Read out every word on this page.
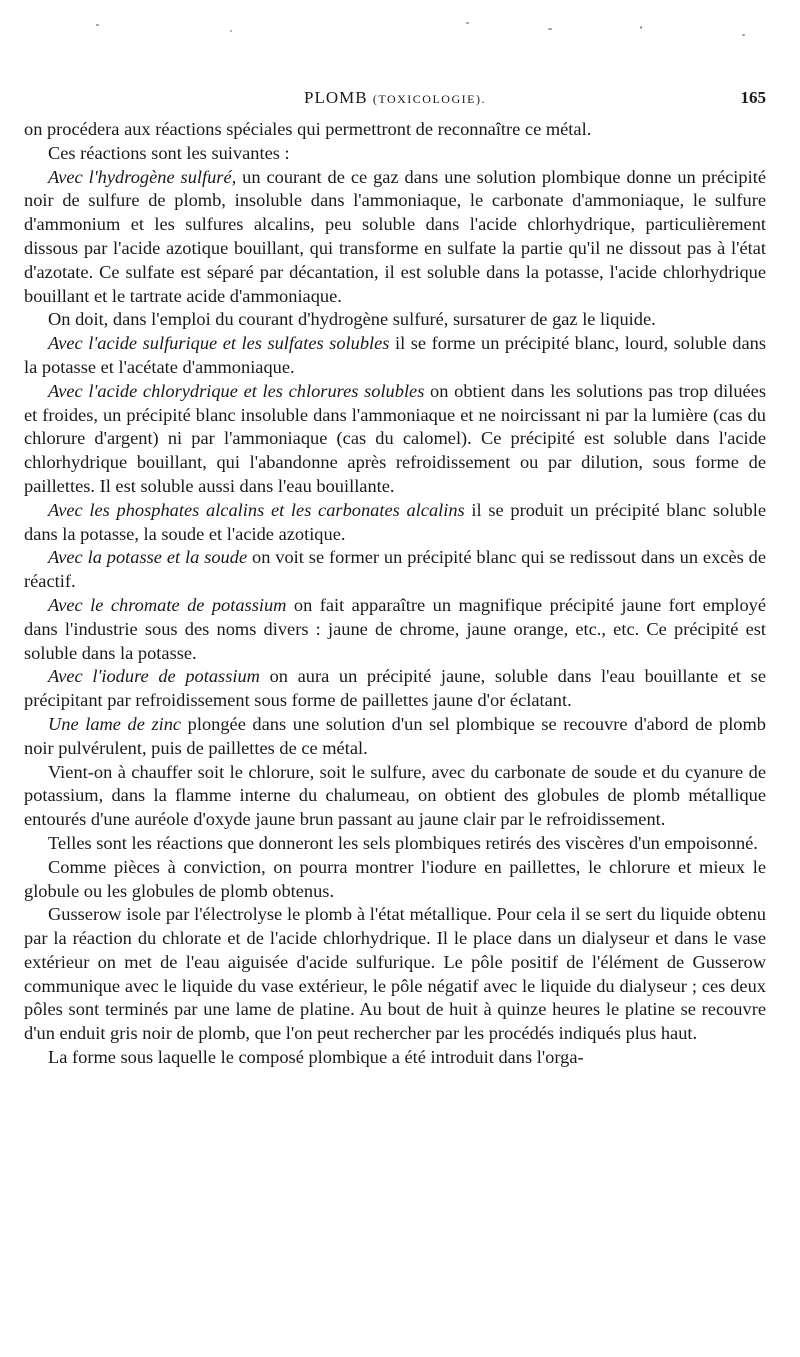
PLOMB (TOXICOLOGIE).	165

on procédera aux réactions spéciales qui permettront de reconnaître ce métal.

Ces réactions sont les suivantes :

Avec l'hydrogène sulfuré, un courant de ce gaz dans une solution plombique donne un précipité noir de sulfure de plomb, insoluble dans l'ammoniaque, le carbonate d'ammoniaque, le sulfure d'ammonium et les sulfures alcalins, peu soluble dans l'acide chlorhydrique, particulièrement dissous par l'acide azotique bouillant, qui transforme en sulfate la partie qu'il ne dissout pas à l'état d'azotate. Ce sulfate est séparé par décantation, il est soluble dans la potasse, l'acide chlorhydrique bouillant et le tartrate acide d'ammoniaque.

On doit, dans l'emploi du courant d'hydrogène sulfuré, sursaturer de gaz le liquide.

Avec l'acide sulfurique et les sulfates solubles il se forme un précipité blanc, lourd, soluble dans la potasse et l'acétate d'ammoniaque.

Avec l'acide chlorydrique et les chlorures solubles on obtient dans les solutions pas trop diluées et froides, un précipité blanc insoluble dans l'ammoniaque et ne noircissant ni par la lumière (cas du chlorure d'argent) ni par l'ammoniaque (cas du calomel). Ce précipité est soluble dans l'acide chlorhydrique bouillant, qui l'abandonne après refroidissement ou par dilution, sous forme de paillettes. Il est soluble aussi dans l'eau bouillante.

Avec les phosphates alcalins et les carbonates alcalins il se produit un précipité blanc soluble dans la potasse, la soude et l'acide azotique.

Avec la potasse et la soude on voit se former un précipité blanc qui se redissout dans un excès de réactif.

Avec le chromate de potassium on fait apparaître un magnifique précipité jaune fort employé dans l'industrie sous des noms divers : jaune de chrome, jaune orange, etc., etc. Ce précipité est soluble dans la potasse.

Avec l'iodure de potassium on aura un précipité jaune, soluble dans l'eau bouillante et se précipitant par refroidissement sous forme de paillettes jaune d'or éclatant.

Une lame de zinc plongée dans une solution d'un sel plombique se recouvre d'abord de plomb noir pulvérulent, puis de paillettes de ce métal.

Vient-on à chauffer soit le chlorure, soit le sulfure, avec du carbonate de soude et du cyanure de potassium, dans la flamme interne du chalumeau, on obtient des globules de plomb métallique entourés d'une auréole d'oxyde jaune brun passant au jaune clair par le refroidissement.

Telles sont les réactions que donneront les sels plombiques retirés des viscères d'un empoisonné.

Comme pièces à conviction, on pourra montrer l'iodure en paillettes, le chlorure et mieux le globule ou les globules de plomb obtenus.

Gusserow isole par l'électrolyse le plomb à l'état métallique. Pour cela il se sert du liquide obtenu par la réaction du chlorate et de l'acide chlorhydrique. Il le place dans un dialyseur et dans le vase extérieur on met de l'eau aiguisée d'acide sulfurique. Le pôle positif de l'élément de Gusserow communique avec le liquide du vase extérieur, le pôle négatif avec le liquide du dialyseur ; ces deux pôles sont terminés par une lame de platine. Au bout de huit à quinze heures le platine se recouvre d'un enduit gris noir de plomb, que l'on peut rechercher par les procédés indiqués plus haut.

La forme sous laquelle le composé plombique a été introduit dans l'orga-
